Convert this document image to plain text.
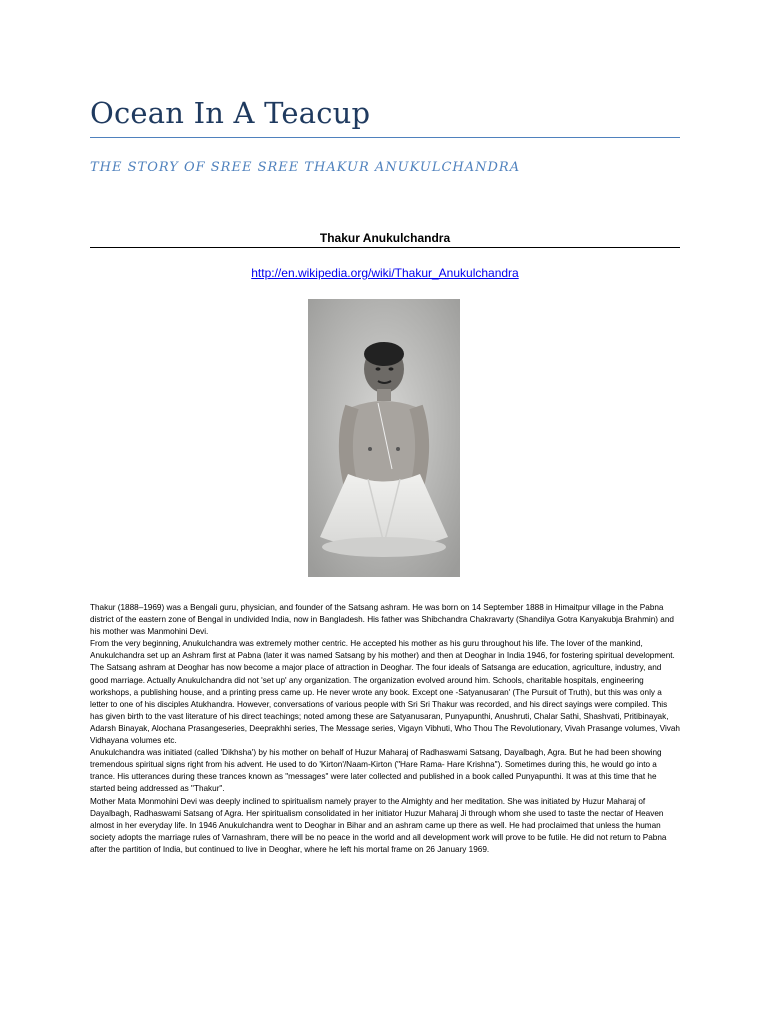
Ocean In A Teacup
THE STORY OF SREE SREE THAKUR ANUKULCHANDRA
Thakur Anukulchandra
http://en.wikipedia.org/wiki/Thakur_Anukulchandra

Thakur (1888–1969) was a Bengali guru, physician, and founder of the Satsang ashram. He was born on 14 September 1888 in Himaitpur village in the Pabna district of the eastern zone of Bengal in undivided India, now in Bangladesh. His father was Shibchandra Chakravarty (Shandilya Gotra Kanyakubja Brahmin) and his mother was Manmohini Devi.

From the very beginning, Anukulchandra was extremely mother centric. He accepted his mother as his guru throughout his life. The lover of the mankind, Anukulchandra set up an Ashram first at Pabna (later it was named Satsang by his mother) and then at Deoghar in India 1946, for fostering spiritual development. The Satsang ashram at Deoghar has now become a major place of attraction in Deoghar. The four ideals of Satsanga are education, agriculture, industry, and good marriage. Actually Anukulchandra did not 'set up' any organization. The organization evolved around him. Schools, charitable hospitals, engineering workshops, a publishing house, and a printing press came up. He never wrote any book. Except one -Satyanusaran' (The Pursuit of Truth), but this was only a letter to one of his disciples Atukhandra. However, conversations of various people with Sri Sri Thakur was recorded, and his direct sayings were compiled. This has given birth to the vast literature of his direct teachings; noted among these are Satyanusaran, Punyapunthi, Anushruti, Chalar Sathi, Shashvati, Pritibinayak, Adarsh Binayak, Alochana Prasangeseries, Deeprakhhi series, The Message series, Vigayn Vibhuti, Who Thou The Revolutionary, Vivah Prasange volumes, Vivah Vidhayana volumes etc.

Anukulchandra was initiated (called 'Dikhsha') by his mother on behalf of Huzur Maharaj of Radhaswami Satsang, Dayalbagh, Agra. But he had been showing tremendous spiritual signs right from his advent. He used to do 'Kirton'/Naam-Kirton ("Hare Rama- Hare Krishna"). Sometimes during this, he would go into a trance. His utterances during these trances known as "messages" were later collected and published in a book called Punyapunthi. It was at this time that he started being addressed as "Thakur".

Mother Mata Monmohini Devi was deeply inclined to spiritualism namely prayer to the Almighty and her meditation. She was initiated by Huzur Maharaj of Dayalbagh, Radhaswami Satsang of Agra. Her spiritualism consolidated in her initiator Huzur Maharaj Ji through whom she used to taste the nectar of Heaven almost in her everyday life. In 1946 Anukulchandra went to Deoghar in Bihar and an ashram came up there as well. He had proclaimed that unless the human society adopts the marriage rules of Varnashram, there will be no peace in the world and all development work will prove to be futile. He did not return to Pabna after the partition of India, but continued to live in Deoghar, where he left his mortal frame on 26 January 1969.
